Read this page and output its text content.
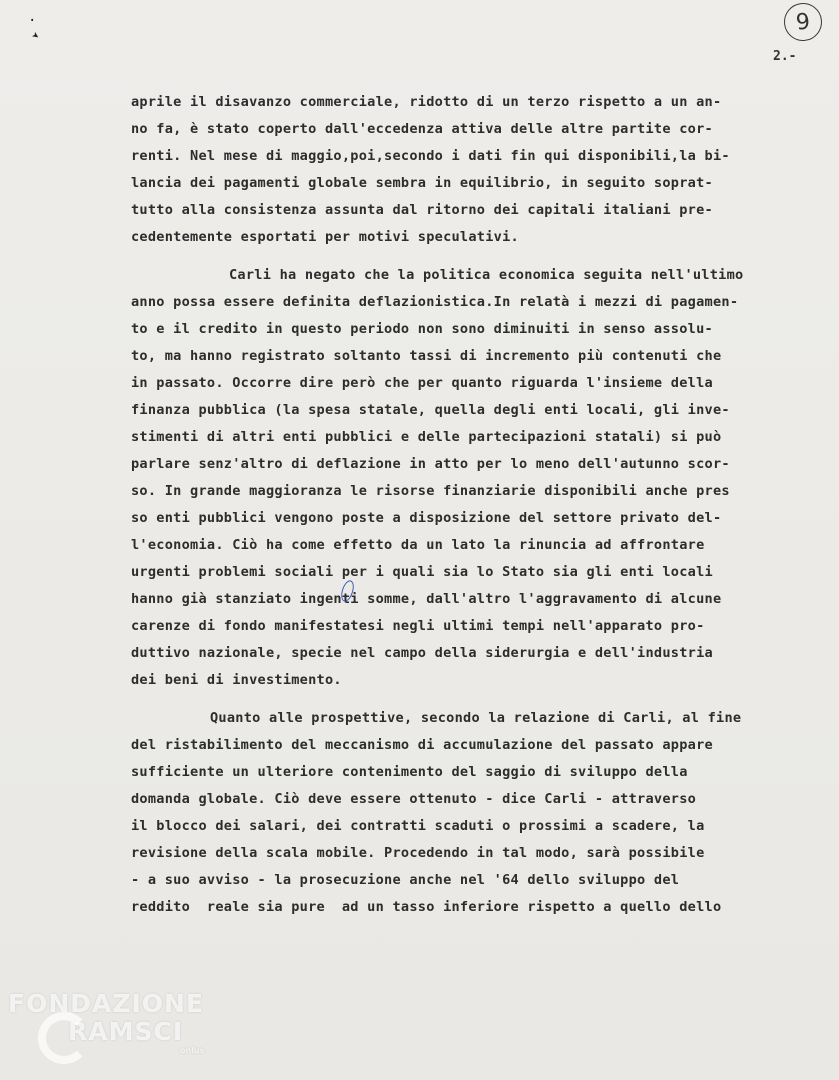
·
➤
9
2.-
aprile il disavanzo commerciale, ridotto di un terzo rispetto a un an-
no fa, è stato coperto dall'eccedenza attiva delle altre partite cor-
renti. Nel mese di maggio,poi,secondo i dati fin qui disponibili,la bi-
lancia dei pagamenti globale sembra in equilibrio, in seguito soprat-
tutto alla consistenza assunta dal ritorno dei capitali italiani pre-
cedentemente esportati per motivi speculativi.
Carli ha negato che la politica economica seguita nell'ultimo
anno possa essere definita deflazionistica.In relatà i mezzi di pagamen-
to e il credito in questo periodo non sono diminuiti in senso assolu-
to, ma hanno registrato soltanto tassi di incremento più contenuti che
in passato. Occorre dire però che per quanto riguarda l'insieme della
finanza pubblica (la spesa statale, quella degli enti locali, gli inve-
stimenti di altri enti pubblici e delle partecipazioni statali) si può
parlare senz'altro di deflazione in atto per lo meno dell'autunno scor-
so. In grande maggioranza le risorse finanziarie disponibili anche pres
so enti pubblici vengono poste a disposizione del settore privato del-
l'economia. Ciò ha come effetto da un lato la rinuncia ad affrontare
urgenti problemi sociali per i quali sia lo Stato sia gli enti locali
hanno già stanziato ingenti somme, dall'altro l'aggravamento di alcune
carenze di fondo manifestatesi negli ultimi tempi nell'apparato pro-
duttivo nazionale, specie nel campo della siderurgia e dell'industria
dei beni di investimento.
Quanto alle prospettive, secondo la relazione di Carli, al fine
del ristabilimento del meccanismo di accumulazione del passato appare
sufficiente un ulteriore contenimento del saggio di sviluppo della
domanda globale. Ciò deve essere ottenuto - dice Carli - attraverso
il blocco dei salari, dei contratti scaduti o prossimi a scadere, la
revisione della scala mobile. Procedendo in tal modo, sarà possibile
- a suo avviso - la prosecuzione anche nel '64 dello sviluppo del
reddito  reale sia pure  ad un tasso inferiore rispetto a quello dello
FONDAZIONE
RAMSCI
onlus
